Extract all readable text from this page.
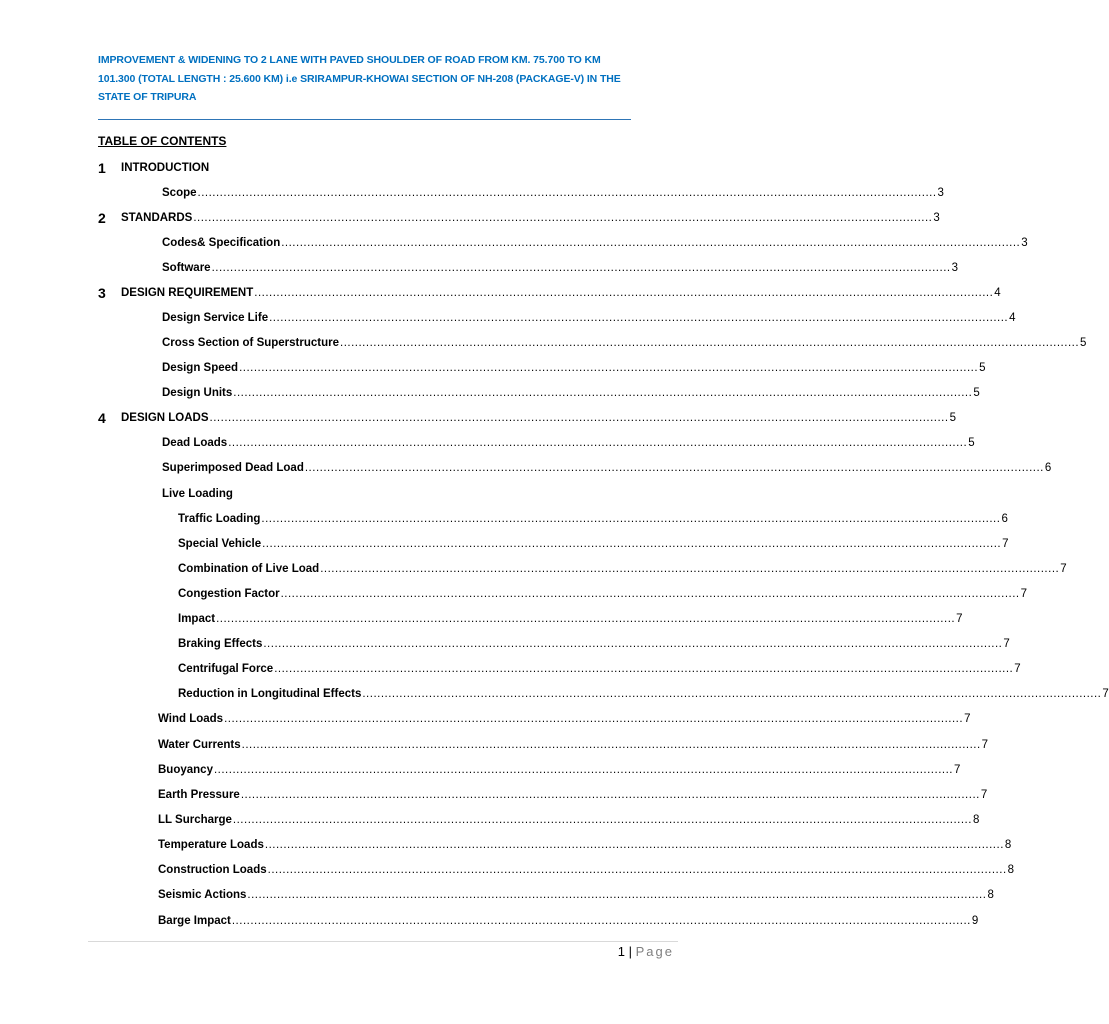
IMPROVEMENT & WIDENING TO 2 LANE WITH PAVED SHOULDER OF ROAD FROM KM. 75.700 TO KM 101.300 (TOTAL LENGTH : 25.600 KM) i.e SRIRAMPUR-KHOWAI SECTION OF NH-208 (PACKAGE-V) IN THE STATE OF TRIPURA
TABLE OF CONTENTS
1 INTRODUCTION
Scope ........................................................................................................................................................................................................ 3
2 STANDARDS ........................................................................................................................................................................................................ 3
Codes& Specification ........................................................................................................................................................................................................ 3
Software ........................................................................................................................................................................................................ 3
3 DESIGN REQUIREMENT ........................................................................................................................................................................................................ 4
Design Service Life ........................................................................................................................................................................................................ 4
Cross Section of Superstructure ........................................................................................................................................................................................................ 5
Design Speed ........................................................................................................................................................................................................ 5
Design Units ........................................................................................................................................................................................................ 5
4 DESIGN LOADS ........................................................................................................................................................................................................ 5
Dead Loads ........................................................................................................................................................................................................ 5
Superimposed Dead Load ........................................................................................................................................................................................................ 6
Live Loading
Traffic Loading ........................................................................................................................................................................................................ 6
Special Vehicle ........................................................................................................................................................................................................ 7
Combination of Live Load ........................................................................................................................................................................................................ 7
Congestion Factor ........................................................................................................................................................................................................ 7
Impact ........................................................................................................................................................................................................ 7
Braking Effects ........................................................................................................................................................................................................ 7
Centrifugal Force ........................................................................................................................................................................................................ 7
Reduction in Longitudinal Effects ........................................................................................................................................................................................................ 7
Wind Loads ........................................................................................................................................................................................................ 7
Water Currents ........................................................................................................................................................................................................ 7
Buoyancy ........................................................................................................................................................................................................ 7
Earth Pressure ........................................................................................................................................................................................................ 7
LL Surcharge ........................................................................................................................................................................................................ 8
Temperature Loads ........................................................................................................................................................................................................ 8
Construction Loads ........................................................................................................................................................................................................ 8
Seismic Actions ........................................................................................................................................................................................................ 8
Barge Impact ........................................................................................................................................................................................................ 9
1 | Page
